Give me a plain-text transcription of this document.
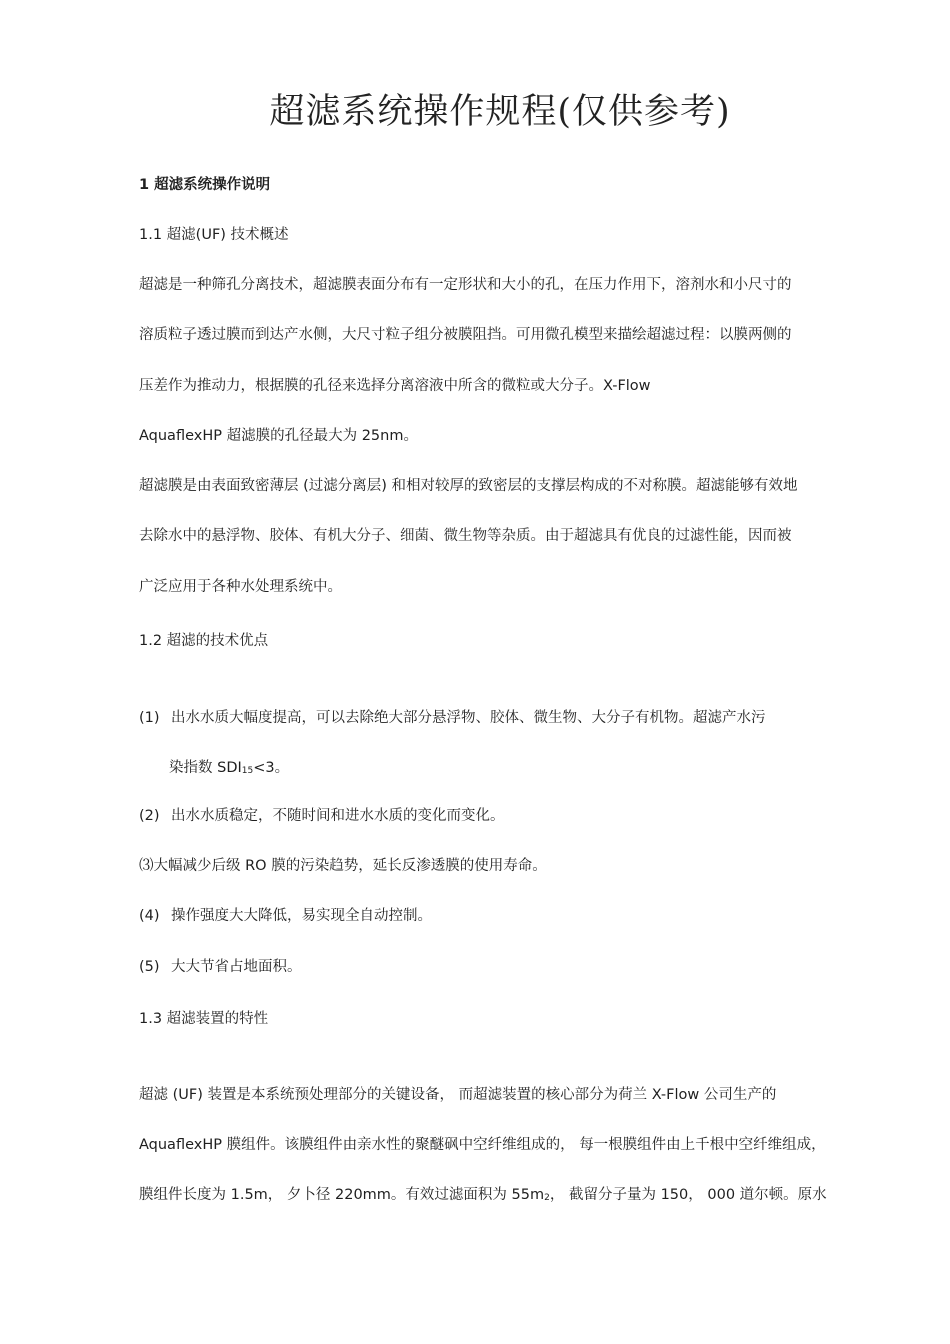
超滤系统操作规程(仅供参考)
1 超滤系统操作说明
1.1 超滤(UF) 技术概述
超滤是一种筛孔分离技术，超滤膜表面分布有一定形状和大小的孔，在压力作用下，溶剂水和小尺寸的
溶质粒子透过膜而到达产水侧，大尺寸粒子组分被膜阻挡。可用微孔模型来描绘超滤过程：以膜两侧的
压差作为推动力，根据膜的孔径来选择分离溶液中所含的微粒或大分子。X-Flow
AquaflexHP 超滤膜的孔径最大为 25nm。
超滤膜是由表面致密薄层 (过滤分离层) 和相对较厚的致密层的支撑层构成的不对称膜。超滤能够有效地
去除水中的悬浮物、胶体、有机大分子、细菌、微生物等杂质。由于超滤具有优良的过滤性能，因而被
广泛应用于各种水处理系统中。
1.2 超滤的技术优点
(1) 出水水质大幅度提高，可以去除绝大部分悬浮物、胶体、微生物、大分子有机物。超滤产水污
染指数 SDI15<3。
(2) 出水水质稳定，不随时间和进水水质的变化而变化。
⑶大幅减少后级 RO 膜的污染趋势，延长反渗透膜的使用寿命。
(4) 操作强度大大降低，易实现全自动控制。
(5) 大大节省占地面积。
1.3 超滤装置的特性
超滤 (UF) 装置是本系统预处理部分的关键设备， 而超滤装置的核心部分为荷兰 X-Flow 公司生产的
AquaflexHP 膜组件。该膜组件由亲水性的聚醚砜中空纤维组成的， 每一根膜组件由上千根中空纤维组成，
膜组件长度为 1.5m， 夕卜径 220mm。有效过滤面积为 55m2， 截留分子量为 150， 000 道尔顿。原水
